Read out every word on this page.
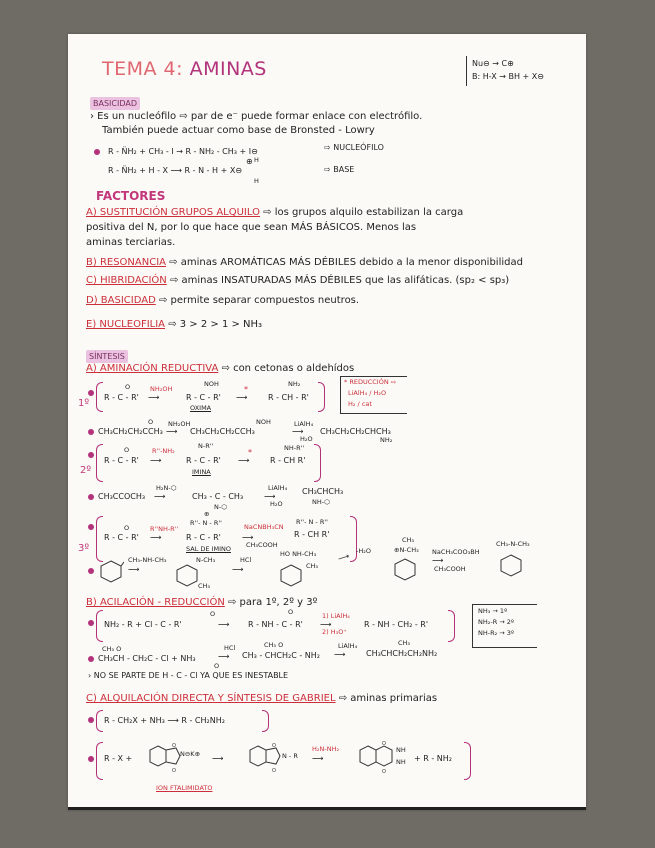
TEMA 4: AMINAS	Nu⊖ → C⊕
B: H-X → BH + X⊖
BASICIDAD
› Es un nucleófilo ⇨ par de e⁻ puede formar enlace con electrófilo.
También puede actuar como base de Bronsted - Lowry
R - N̈H₂ + CH₃ - I → R - NH₂ - CH₃ + I⊖	⇨ NUCLEÓFILO
⊕ H
R - N̈H₂ + H - X ⟶ R - N - H + X⊖
H
⇨ BASE
FACTORES
A) SUSTITUCIÓN GRUPOS ALQUILO ⇨ los grupos alquilo estabilizan la carga
positiva del N, por lo que hace que sean MÁS BÁSICOS. Menos las
aminas terciarias.
B) RESONANCIA ⇨ aminas AROMÁTICAS MÁS DÉBILES debido a la menor disponibilidad
C) HIBRIDACIÓN ⇨ aminas INSATURADAS MÁS DÉBILES que las alifáticas. (sp₂ < sp₃)
D) BASICIDAD ⇨ permite separar compuestos neutros.
E) NUCLEOFILIA ⇨ 3 > 2 > 1 > NH₃
SÍNTESIS
A) AMINACIÓN REDUCTIVA ⇨ con cetonas o aldehídos
1º
O
R - C - R'
NH₂OH
⟶
NOH
R - C - R'
OXIMA
*
⟶
NH₂
R - CH - R'
* REDUCCIÓN ⇨
LiAlH₄ / H₂O
H₂ / cat
O
CH₃CH₂CH₂CCH₃
NH₂OH
⟶
NOH
CH₃CH₂CH₂CCH₃
LiAlH₄
⟶
H₂O
CH₃CH₂CH₂CHCH₃
NH₂
2º
O
R - C - R'
R''-NH₂
⟶
N-R''
R - C - R'
IMINA
*
⟶
NH-R''
R - CH R'
CH₃CCOCH₃
H₂N-⬡
⟶	CH₃ - C - CH₃
N-⬡
LiAlH₄
⟶
H₂O
CH₃CHCH₃
NH-⬡
3º
O
R - C - R'
R''NH-R''
⟶
⊕
R''- N - R''
R - C - R'
SAL DE IMINO
NaCNBH₃CN
⟶
CH₃COOH
R''- N - R''
R - CH R'
CH₃-NH-CH₃
⟶
N-CH₃
CH₃
HCl
⟶
HO NH-CH₃
CH₃
-H₂O
⟶
CH₃
⊕N-CH₃ NaCH₃COO₃BH
⟶
CH₃COOH
CH₃-N-CH₃
B) ACILACIÓN - REDUCCIÓN ⇨ para 1º, 2º y 3º
O
NH₂ - R + Cl - C - R'	⟶
O
R - NH - C - R'
1) LiAlH₄
⟶
2) H₃O⁺
R - NH - CH₂ - R'
NH₃ → 1º
NH₂-R → 2º
NH-R₂ → 3º
CH₃ O
CH₃CH - CH₂C - Cl + NH₃
HCl
⟶
CH₃ O
CH₃ - CHCH₂C - NH₂
LiAlH₄
⟶
CH₃
CH₃CHCH₂CH₂NH₂
O
› NO SE PARTE DE H - C - Cl YA QUE ES INESTABLE
C) ALQUILACIÓN DIRECTA Y SÍNTESIS DE GABRIEL ⇨ aminas primarias
R - CH₂X + NH₃ ⟶ R - CH₂NH₂
R - X +
O
O
N⊖K⊕ ⟶
O
O
N - R
H₂N-NH₂
⟶
O
O
NH
NH + R - NH₂
ION FTALIMIDATO
